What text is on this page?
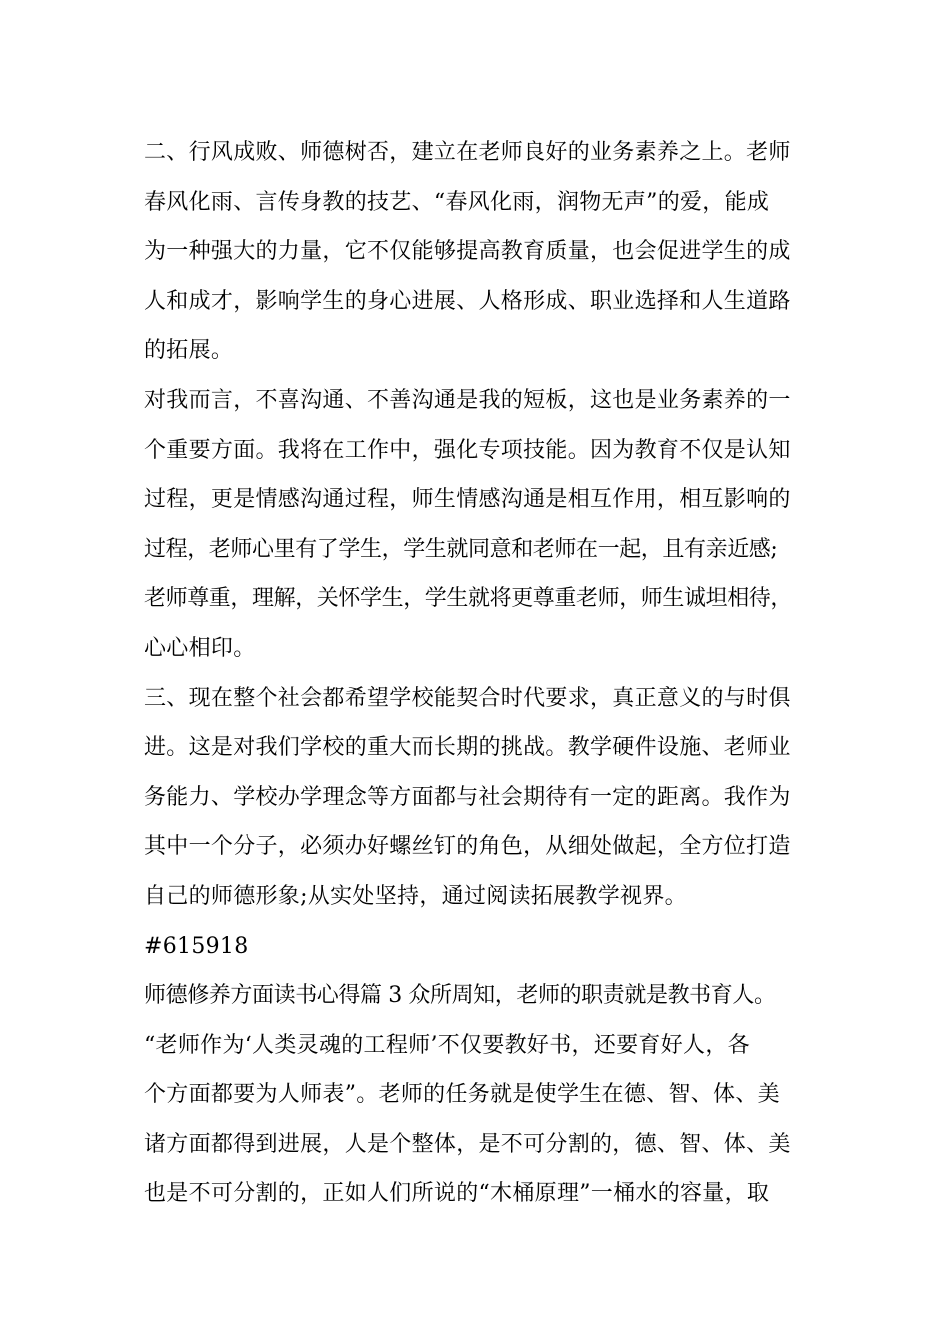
二、行风成败、师德树否，建立在老师良好的业务素养之上。老师
春风化雨、言传身教的技艺、“春风化雨，润物无声”的爱，能成
为一种强大的力量，它不仅能够提高教育质量，也会促进学生的成
人和成才，影响学生的身心进展、人格形成、职业选择和人生道路
的拓展。
对我而言，不喜沟通、不善沟通是我的短板，这也是业务素养的一
个重要方面。我将在工作中，强化专项技能。因为教育不仅是认知
过程，更是情感沟通过程，师生情感沟通是相互作用，相互影响的
过程，老师心里有了学生，学生就同意和老师在一起，且有亲近感;
老师尊重，理解，关怀学生，学生就将更尊重老师，师生诚坦相待，
心心相印。
三、现在整个社会都希望学校能契合时代要求，真正意义的与时俱
进。这是对我们学校的重大而长期的挑战。教学硬件设施、老师业
务能力、学校办学理念等方面都与社会期待有一定的距离。我作为
其中一个分子，必须办好螺丝钉的角色，从细处做起，全方位打造
自己的师德形象;从实处坚持，通过阅读拓展教学视界。
#615918
师德修养方面读书心得篇 3 众所周知，老师的职责就是教书育人。
“老师作为‘人类灵魂的工程师’不仅要教好书，还要育好人，各
个方面都要为人师表”。老师的任务就是使学生在德、智、体、美
诸方面都得到进展，人是个整体，是不可分割的，德、智、体、美
也是不可分割的，正如人们所说的“木桶原理”一桶水的容量，取
